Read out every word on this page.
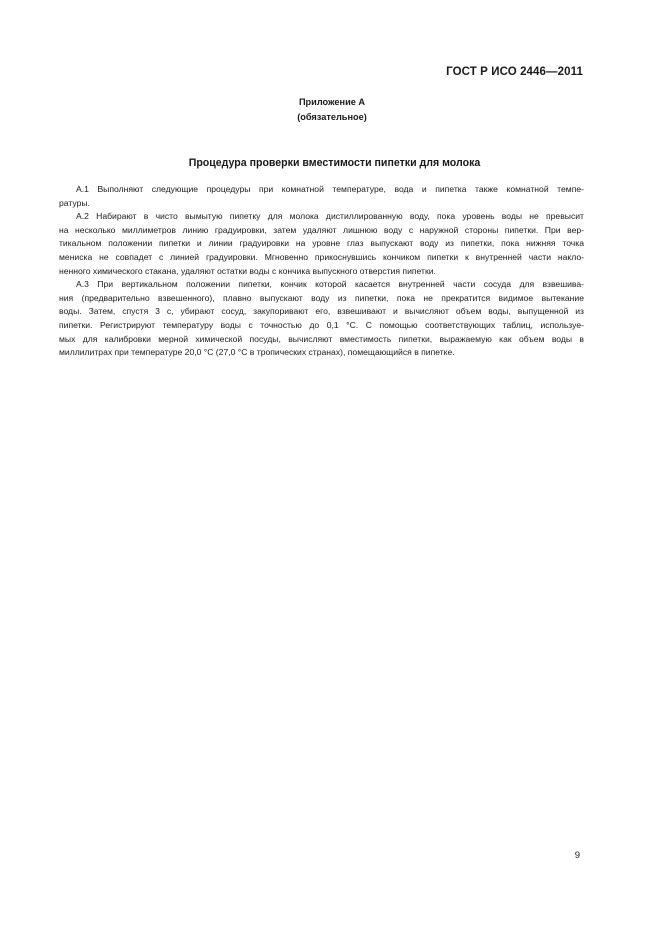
ГОСТ Р ИСО 2446—2011
Приложение А
(обязательное)
Процедура проверки вместимости пипетки для молока
А.1 Выполняют следующие процедуры при комнатной температуре, вода и пипетка также комнатной темпе-
ратуры.
А.2 Набирают в чисто вымытую пипетку для молока дистиллированную воду, пока уровень воды не превысит
на несколько миллиметров линию градуировки, затем удаляют лишнюю воду с наружной стороны пипетки. При вер-
тикальном положении пипетки и линии градуировки на уровне глаз выпускают воду из пипетки, пока нижняя точка
мениска не совпадет с линией градуировки. Мгновенно прикоснувшись кончиком пипетки к внутренней части накло-
ненного химического стакана, удаляют остатки воды с кончика выпускного отверстия пипетки.
А.3 При вертикальном положении пипетки, кончик которой касается внутренней части сосуда для взвешива-
ния (предварительно взвешенного), плавно выпускают воду из пипетки, пока не прекратится видимое вытекание
воды. Затем, спустя 3 с, убирают сосуд, закупоривают его, взвешивают и вычисляют объем воды, выпущенной из
пипетки. Регистрируют температуру воды с точностью до 0,1 °С. С помощью соответствующих таблиц, используе-
мых для калибровки мерной химической посуды, вычисляют вместимость пипетки, выражаемую как объем воды в
миллилитрах при температуре 20,0 °С (27,0 °С в тропических странах), помещающийся в пипетке.
9
